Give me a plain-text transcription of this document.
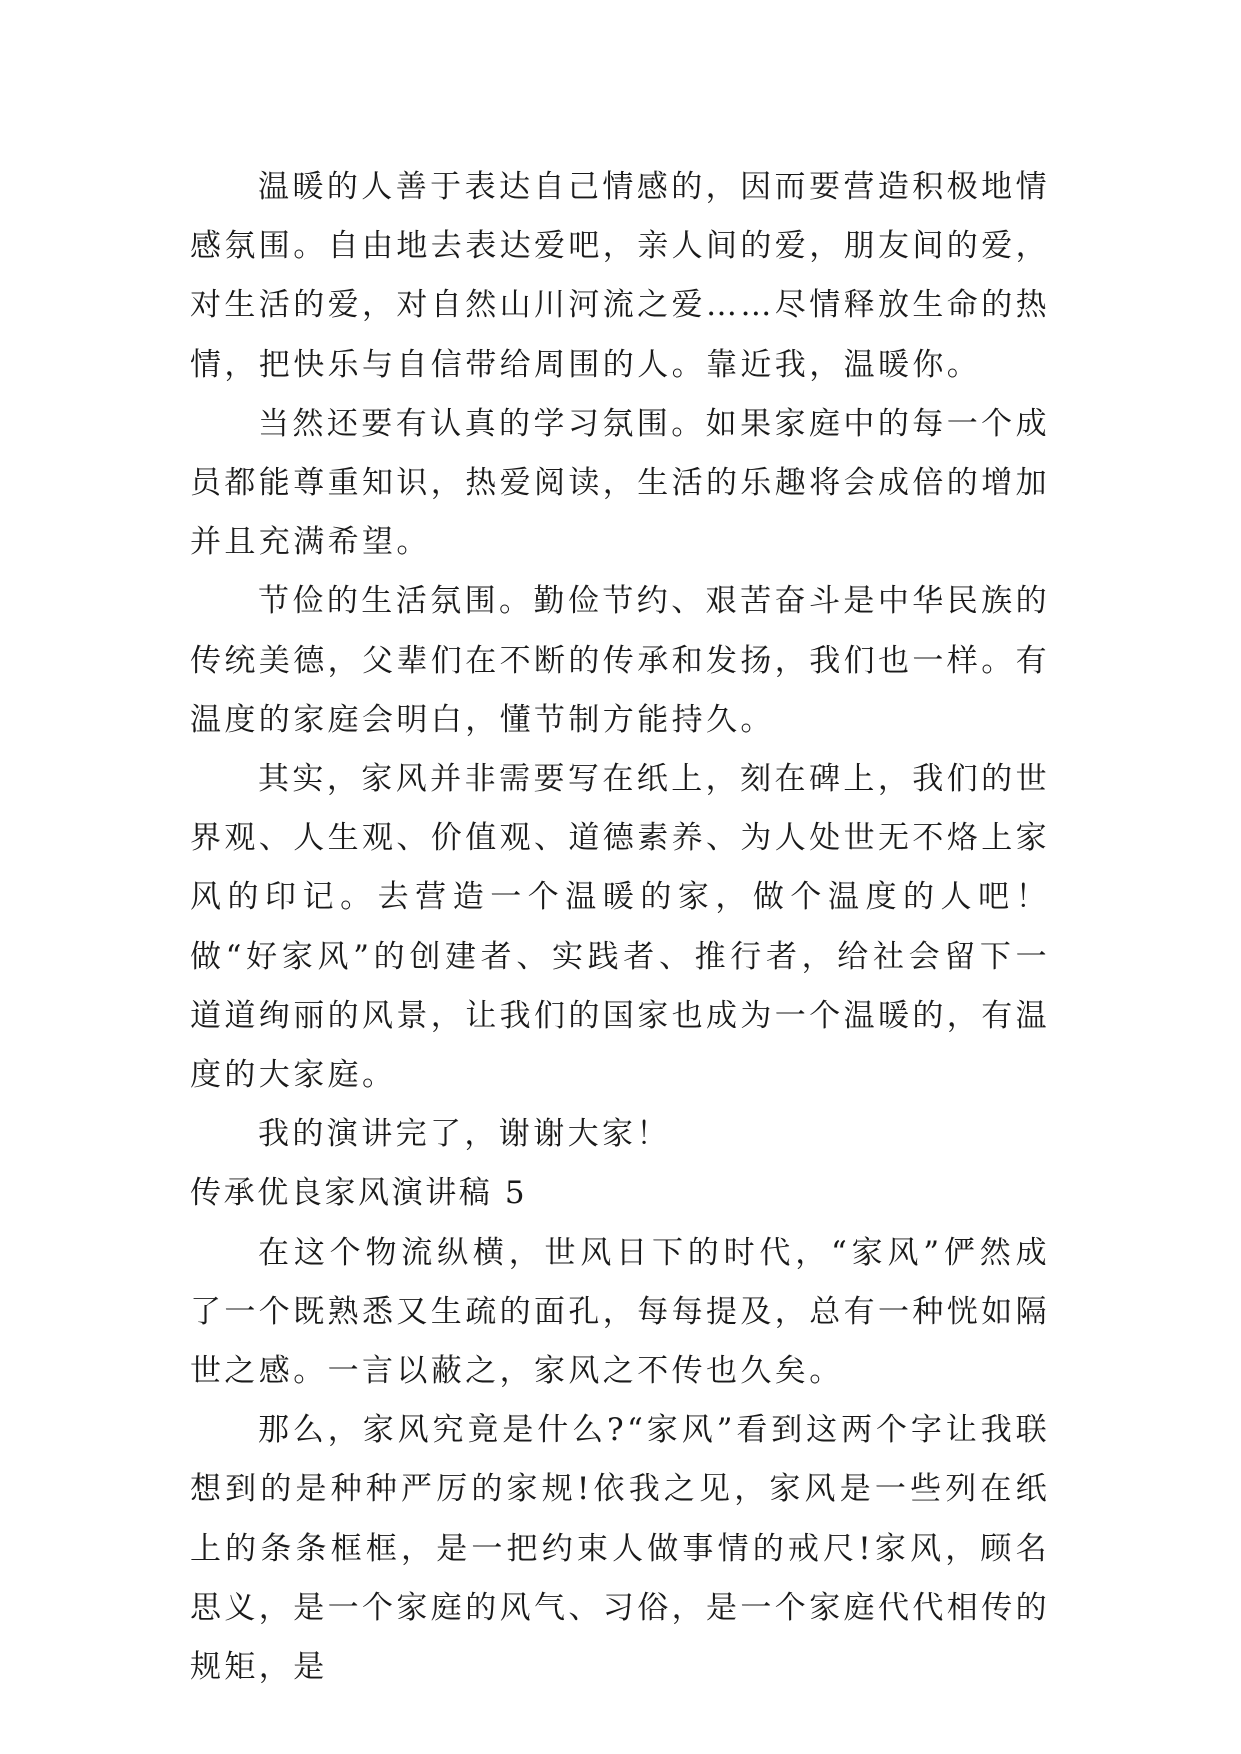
温暖的人善于表达自己情感的，因而要营造积极地情感氛围。自由地去表达爱吧，亲人间的爱，朋友间的爱，对生活的爱，对自然山川河流之爱……尽情释放生命的热情，把快乐与自信带给周围的人。靠近我，温暖你。

当然还要有认真的学习氛围。如果家庭中的每一个成员都能尊重知识，热爱阅读，生活的乐趣将会成倍的增加并且充满希望。

节俭的生活氛围。勤俭节约、艰苦奋斗是中华民族的传统美德，父辈们在不断的传承和发扬，我们也一样。有温度的家庭会明白，懂节制方能持久。

其实，家风并非需要写在纸上，刻在碑上，我们的世界观、人生观、价值观、道德素养、为人处世无不烙上家风的印记。去营造一个温暖的家，做个温度的人吧！做“好家风”的创建者、实践者、推行者，给社会留下一道道绚丽的风景，让我们的国家也成为一个温暖的，有温度的大家庭。

我的演讲完了，谢谢大家！

传承优良家风演讲稿 5

在这个物流纵横，世风日下的时代，“家风”俨然成了一个既熟悉又生疏的面孔，每每提及，总有一种恍如隔世之感。一言以蔽之，家风之不传也久矣。

那么，家风究竟是什么?“家风”看到这两个字让我联想到的是种种严厉的家规!依我之见，家风是一些列在纸上的条条框框，是一把约束人做事情的戒尺!家风，顾名思义，是一个家庭的风气、习俗，是一个家庭代代相传的规矩，是
